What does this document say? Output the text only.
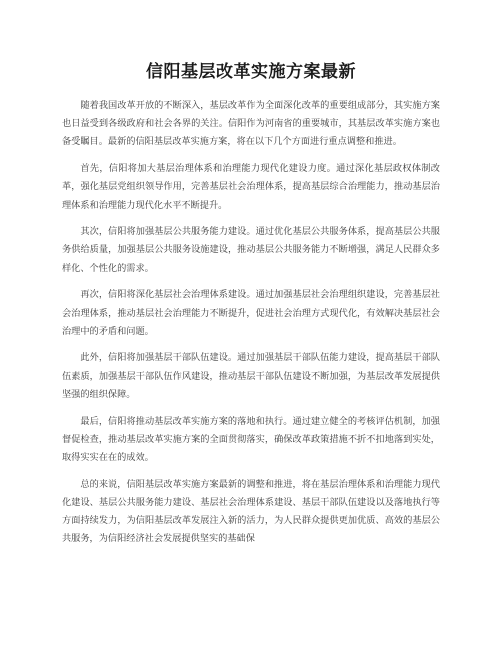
信阳基层改革实施方案最新

随着我国改革开放的不断深入，基层改革作为全面深化改革的重要组成部分，其实施方案也日益受到各级政府和社会各界的关注。信阳作为河南省的重要城市，其基层改革实施方案也备受瞩目。最新的信阳基层改革实施方案，将在以下几个方面进行重点调整和推进。

首先，信阳将加大基层治理体系和治理能力现代化建设力度。通过深化基层政权体制改革，强化基层党组织领导作用，完善基层社会治理体系，提高基层综合治理能力，推动基层治理体系和治理能力现代化水平不断提升。

其次，信阳将加强基层公共服务能力建设。通过优化基层公共服务体系，提高基层公共服务供给质量，加强基层公共服务设施建设，推动基层公共服务能力不断增强，满足人民群众多样化、个性化的需求。

再次，信阳将深化基层社会治理体系建设。通过加强基层社会治理组织建设，完善基层社会治理体系，推动基层社会治理能力不断提升，促进社会治理方式现代化，有效解决基层社会治理中的矛盾和问题。

此外，信阳将加强基层干部队伍建设。通过加强基层干部队伍能力建设，提高基层干部队伍素质，加强基层干部队伍作风建设，推动基层干部队伍建设不断加强，为基层改革发展提供坚强的组织保障。

最后，信阳将推动基层改革实施方案的落地和执行。通过建立健全的考核评估机制，加强督促检查，推动基层改革实施方案的全面贯彻落实，确保改革政策措施不折不扣地落到实处，取得实实在在的成效。

总的来说，信阳基层改革实施方案最新的调整和推进，将在基层治理体系和治理能力现代化建设、基层公共服务能力建设、基层社会治理体系建设、基层干部队伍建设以及落地执行等方面持续发力，为信阳基层改革发展注入新的活力，为人民群众提供更加优质、高效的基层公共服务，为信阳经济社会发展提供坚实的基础保
